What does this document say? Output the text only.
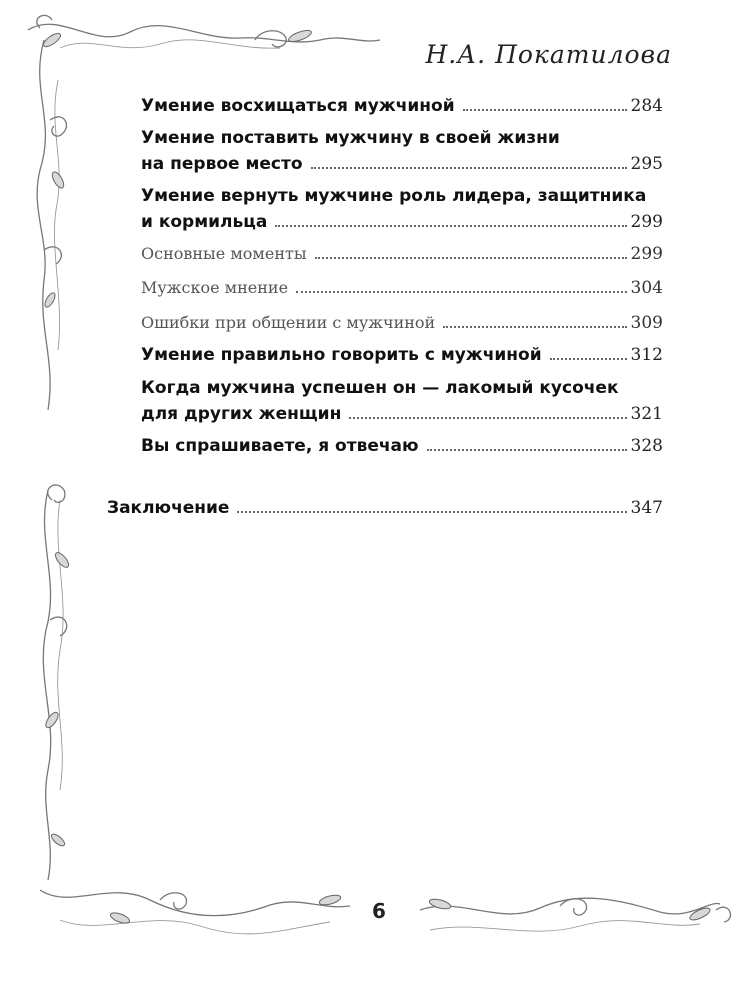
Н.А. Покатилова
Умение восхищаться мужчиной	284
Умение поставить мужчину в своей жизни
на первое место	295
Умение вернуть мужчине роль лидера, защитника
и кормильца	299
Основные моменты	299
Мужское мнение	304
Ошибки при общении с мужчиной	309
Умение правильно говорить с мужчиной	312
Когда мужчина успешен он — лакомый кусочек
для других женщин	321
Вы спрашиваете, я отвечаю	328
Заключение	347
6
